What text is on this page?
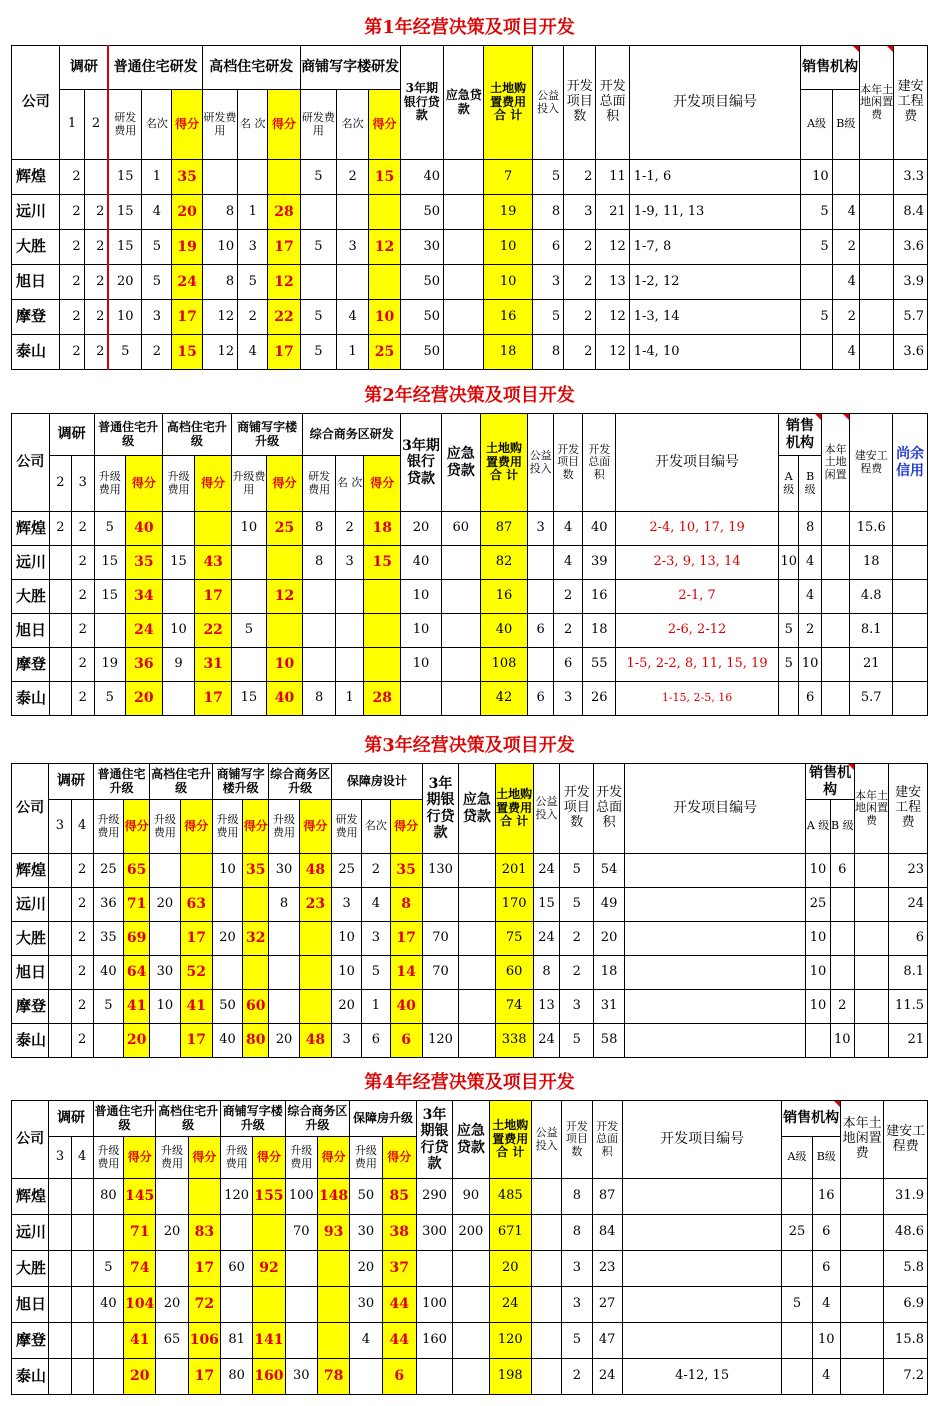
第1年经营决策及项目开发																						
公司	调研		普通住宅研发			高档住宅研发			商铺写字楼研发			3年期银行贷款	应急贷款	土地购置费用合 计	公益投入	开发项目数	开发总面积	开发项目编号	销售机构		本年土地闲置费	建安工程费
	1	2	研发费用	名次	得分	研发费用	名 次	得分	研发费用	名次	得分								A级	B级		
辉煌	2		15	1	35				5	2	15	40		7	5	2	11	1-1, 6	10			3.3
远川	2	2	15	4	20	8	1	28				50		19	8	3	21	1-9, 11, 13	5	4		8.4
大胜	2	2	15	5	19	10	3	17	5	3	12	30		10	6	2	12	1-7, 8	5	2		3.6
旭日	2	2	20	5	24	8	5	12				50		10	3	2	13	1-2, 12		4		3.9
摩登	2	2	10	3	17	12	2	22	5	4	10	50		16	5	2	12	1-3, 14	5	2		5.7
泰山	2	2	5	2	15	12	4	17	5	1	25	50		18	8	2	12	1-4, 10		4		3.6
第2年经营决策及项目开发																							
公司	调研		普通住宅升级		高档住宅升级		商铺写字楼升级		综合商务区研发			3年期银行贷款	应急贷款	土地购置费用合 计	公益投入	开发项目数	开发总面积	开发项目编号	销售机构		本年土地闲置	建安工程费	尚余信用
	2	3	升级费用	得分	升级费用	得分	升级费用	得分	研发费用	名 次	得分								A 级	B 级			
辉煌	2	2	5	40			10	25	8	2	18	20	60	87	3	4	40	2-4, 10, 17, 19		8		15.6	
远川		2	15	35	15	43			8	3	15	40		82		4	39	2-3, 9, 13, 14	10	4		18	
大胜		2	15	34		17		12				10		16		2	16	2-1, 7		4		4.8	
旭日		2		24	10	22	5					10		40	6	2	18	2-6, 2-12	5	2		8.1	
摩登		2	19	36	9	31		10				10		108		6	55	1-5, 2-2, 8, 11, 15, 19	5	10		21	
泰山		2	5	20		17	15	40	8	1	28			42	6	3	26	1-15, 2-5, 16		6		5.7	
第3年经营决策及项目开发																								
公司	调研		普通住宅升级		高档住宅升级		商铺写字楼升级		综合商务区升级		保障房设计			3年期银行贷款	应急贷款	土地购置费用合 计	公益投入	开发项目数	开发总面积	开发项目编号	销售机构		本年土地闲置费	建安工程费
	3	4	升级费用	得分	升级费用	得分	升级费用	得分	升级费用	得分	研发费用	名次	得分								A 级	B 级		
辉煌		2	25	65			10	35	30	48	25	2	35	130		201	24	5	54		10	6		23
远川		2	36	71	20	63			8	23	3	4	8			170	15	5	49		25			24
大胜		2	35	69		17	20	32			10	3	17	70		75	24	2	20		10			6
旭日		2	40	64	30	52					10	5	14	70		60	8	2	18		10			8.1
摩登		2	5	41	10	41	50	60			20	1	40			74	13	3	31		10	2		11.5
泰山		2		20		17	40	80	20	48	3	6	6	120		338	24	5	58			10		21
第4年经营决策及项目开发																							
公司	调研		普通住宅升级		高档住宅升级		商铺写字楼升级		综合商务区升级		保障房升级		3年期银行贷款	应急贷款	土地购置费用合 计	公益投入	开发项目数	开发总面积	开发项目编号	销售机构		本年土地闲置费	建安工程费
	3	4	升级费用	得分	升级费用	得分	升级费用	得分	升级费用	得分	升级费用	得分								A级	B级		
辉煌			80	145			120	155	100	148	50	85	290	90	485		8	87			16		31.9
远川				71	20	83			70	93	30	38	300	200	671		8	84		25	6		48.6
大胜			5	74		17	60	92			20	37			20		3	23			6		5.8
旭日			40	104	20	72					30	44	100		24		3	27		5	4		6.9
摩登				41	65	106	81	141			4	44	160		120		5	47			10		15.8
泰山				20		17	80	160	30	78		6			198		2	24	4-12, 15		4		7.2
